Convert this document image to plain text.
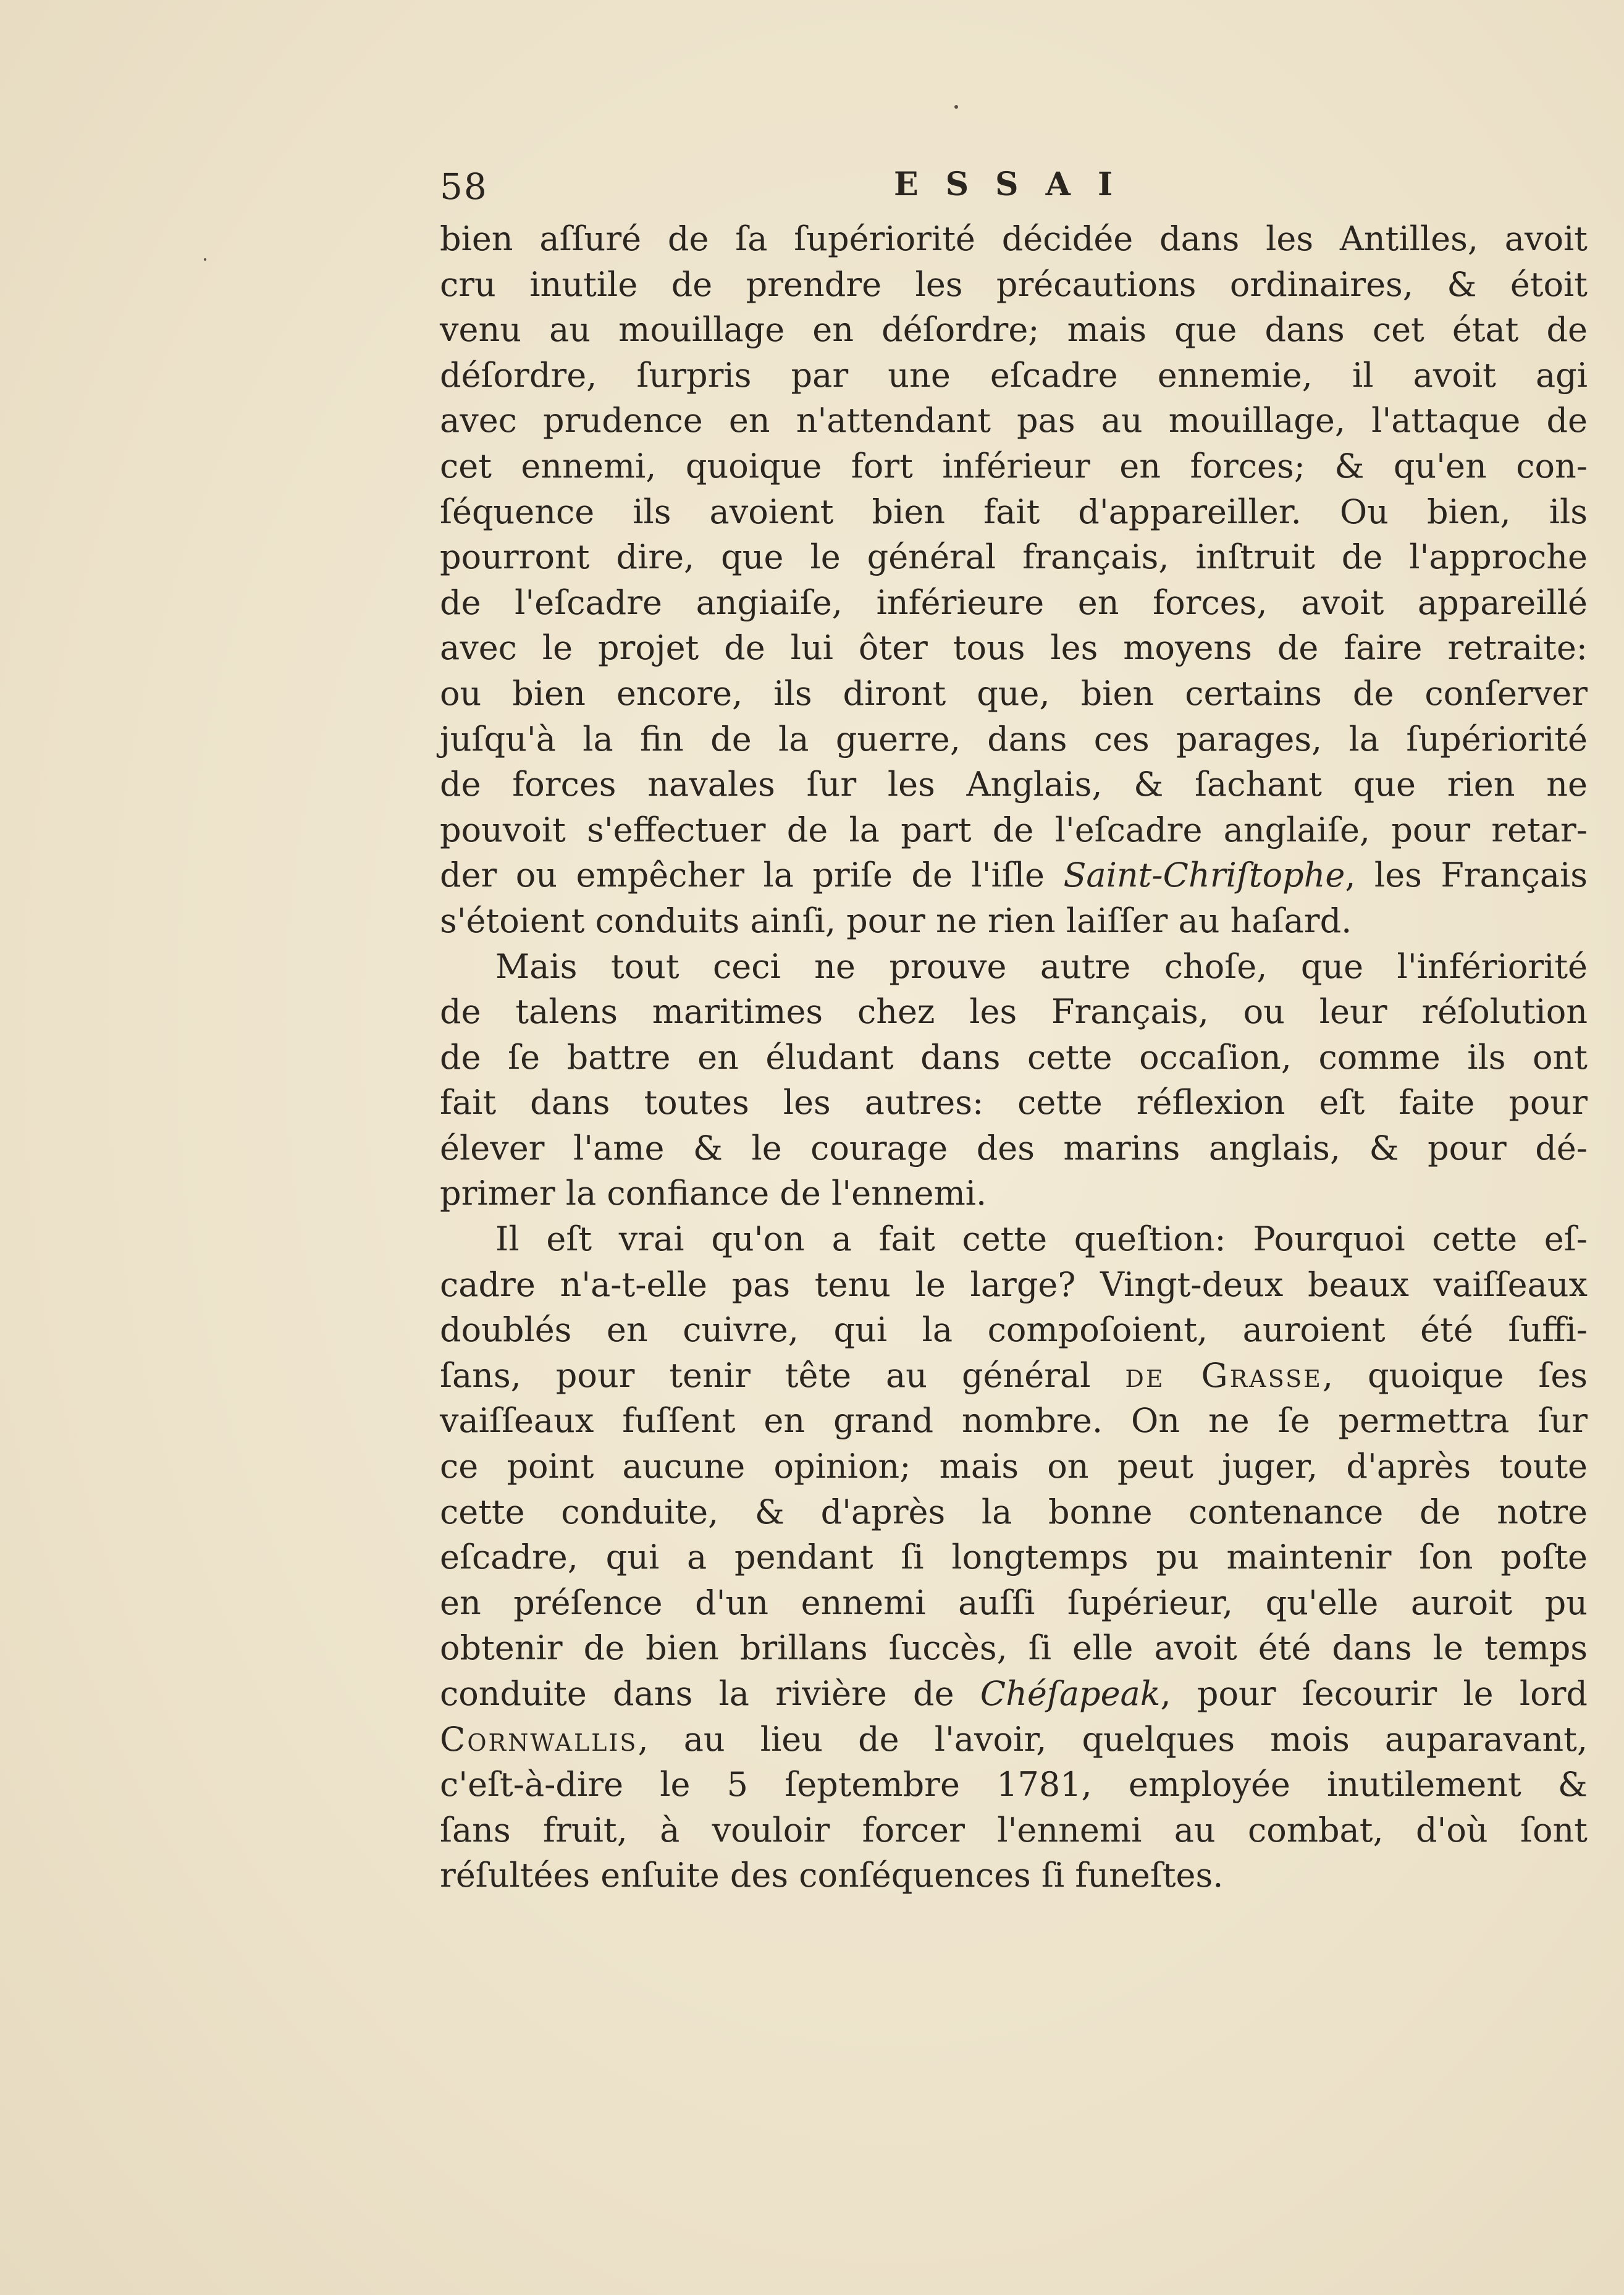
58	ESSAI
bien aſſuré de ſa ſupériorité décidée dans les Antilles, avoit
cru inutile de prendre les précautions ordinaires, & étoit
venu au mouillage en déſordre; mais que dans cet état de
déſordre, ſurpris par une eſcadre ennemie, il avoit agi
avec prudence en n'attendant pas au mouillage, l'attaque de
cet ennemi, quoique fort inférieur en forces; & qu'en con-
ſéquence ils avoient bien fait d'appareiller. Ou bien, ils
pourront dire, que le général français, inſtruit de l'approche
de l'eſcadre angiaiſe, inférieure en forces, avoit appareillé
avec le projet de lui ôter tous les moyens de faire retraite:
ou bien encore, ils diront que, bien certains de conſerver
juſqu'à la fin de la guerre, dans ces parages, la ſupériorité
de forces navales ſur les Anglais, & ſachant que rien ne
pouvoit s'effectuer de la part de l'eſcadre anglaiſe, pour retar-
der ou empêcher la priſe de l'iſle Saint-Chriſtophe, les Français
s'étoient conduits ainſi, pour ne rien laiſſer au haſard.
Mais tout ceci ne prouve autre choſe, que l'infériorité
de talens maritimes chez les Français, ou leur réſolution
de ſe battre en éludant dans cette occaſion, comme ils ont
fait dans toutes les autres: cette réflexion eſt faite pour
élever l'ame & le courage des marins anglais, & pour dé-
primer la confiance de l'ennemi.
Il eſt vrai qu'on a fait cette queſtion: Pourquoi cette eſ-
cadre n'a-t-elle pas tenu le large? Vingt-deux beaux vaiſſeaux
doublés en cuivre, qui la compoſoient, auroient été ſuffi-
ſans, pour tenir tête au général de Grasse, quoique ſes
vaiſſeaux fuſſent en grand nombre. On ne ſe permettra ſur
ce point aucune opinion; mais on peut juger, d'après toute
cette conduite, & d'après la bonne contenance de notre
eſcadre, qui a pendant ſi longtemps pu maintenir ſon poſte
en préſence d'un ennemi auſſi ſupérieur, qu'elle auroit pu
obtenir de bien brillans ſuccès, ſi elle avoit été dans le temps
conduite dans la rivière de Chéſapeak, pour ſecourir le lord
Cornwallis, au lieu de l'avoir, quelques mois auparavant,
c'eſt-à-dire le 5 ſeptembre 1781, employée inutilement &
ſans fruit, à vouloir forcer l'ennemi au combat, d'où ſont
réſultées enſuite des conſéquences ſi funeſtes.
